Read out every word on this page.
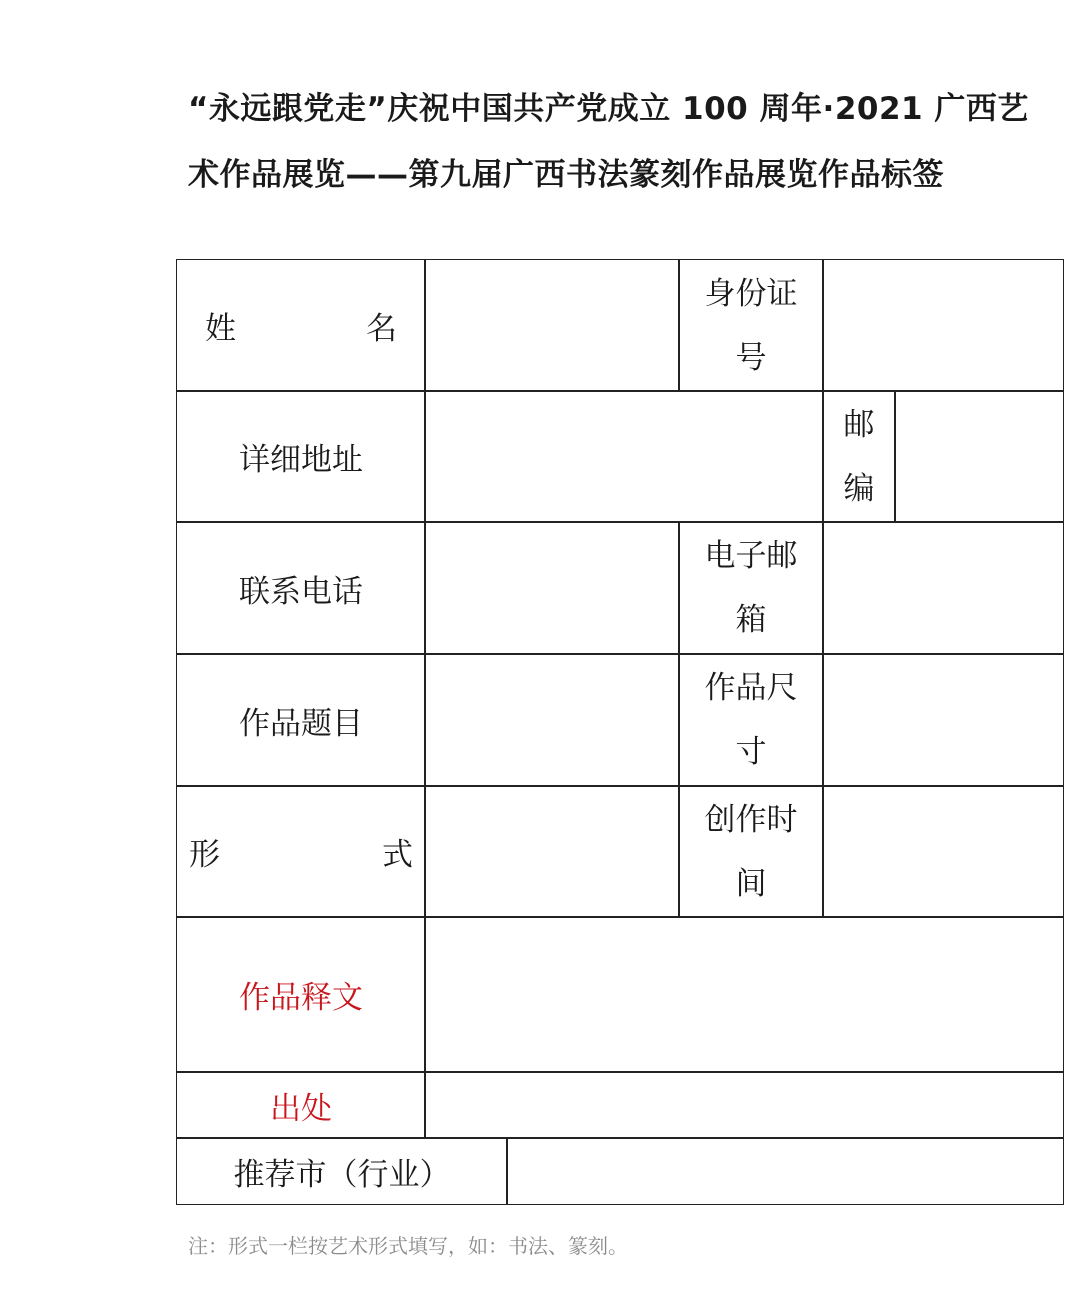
“永远跟党走”庆祝中国共产党成立 100 周年·2021 广西艺
术作品展览——第九届广西书法篆刻作品展览作品标签
姓	名
身份证
号
详细地址
邮
编
联系电话
电子邮
箱
作品题目
作品尺
寸
形	式
创作时
间
作品释文
出处
推荐市（行业）
注：形式一栏按艺术形式填写，如：书法、篆刻。
